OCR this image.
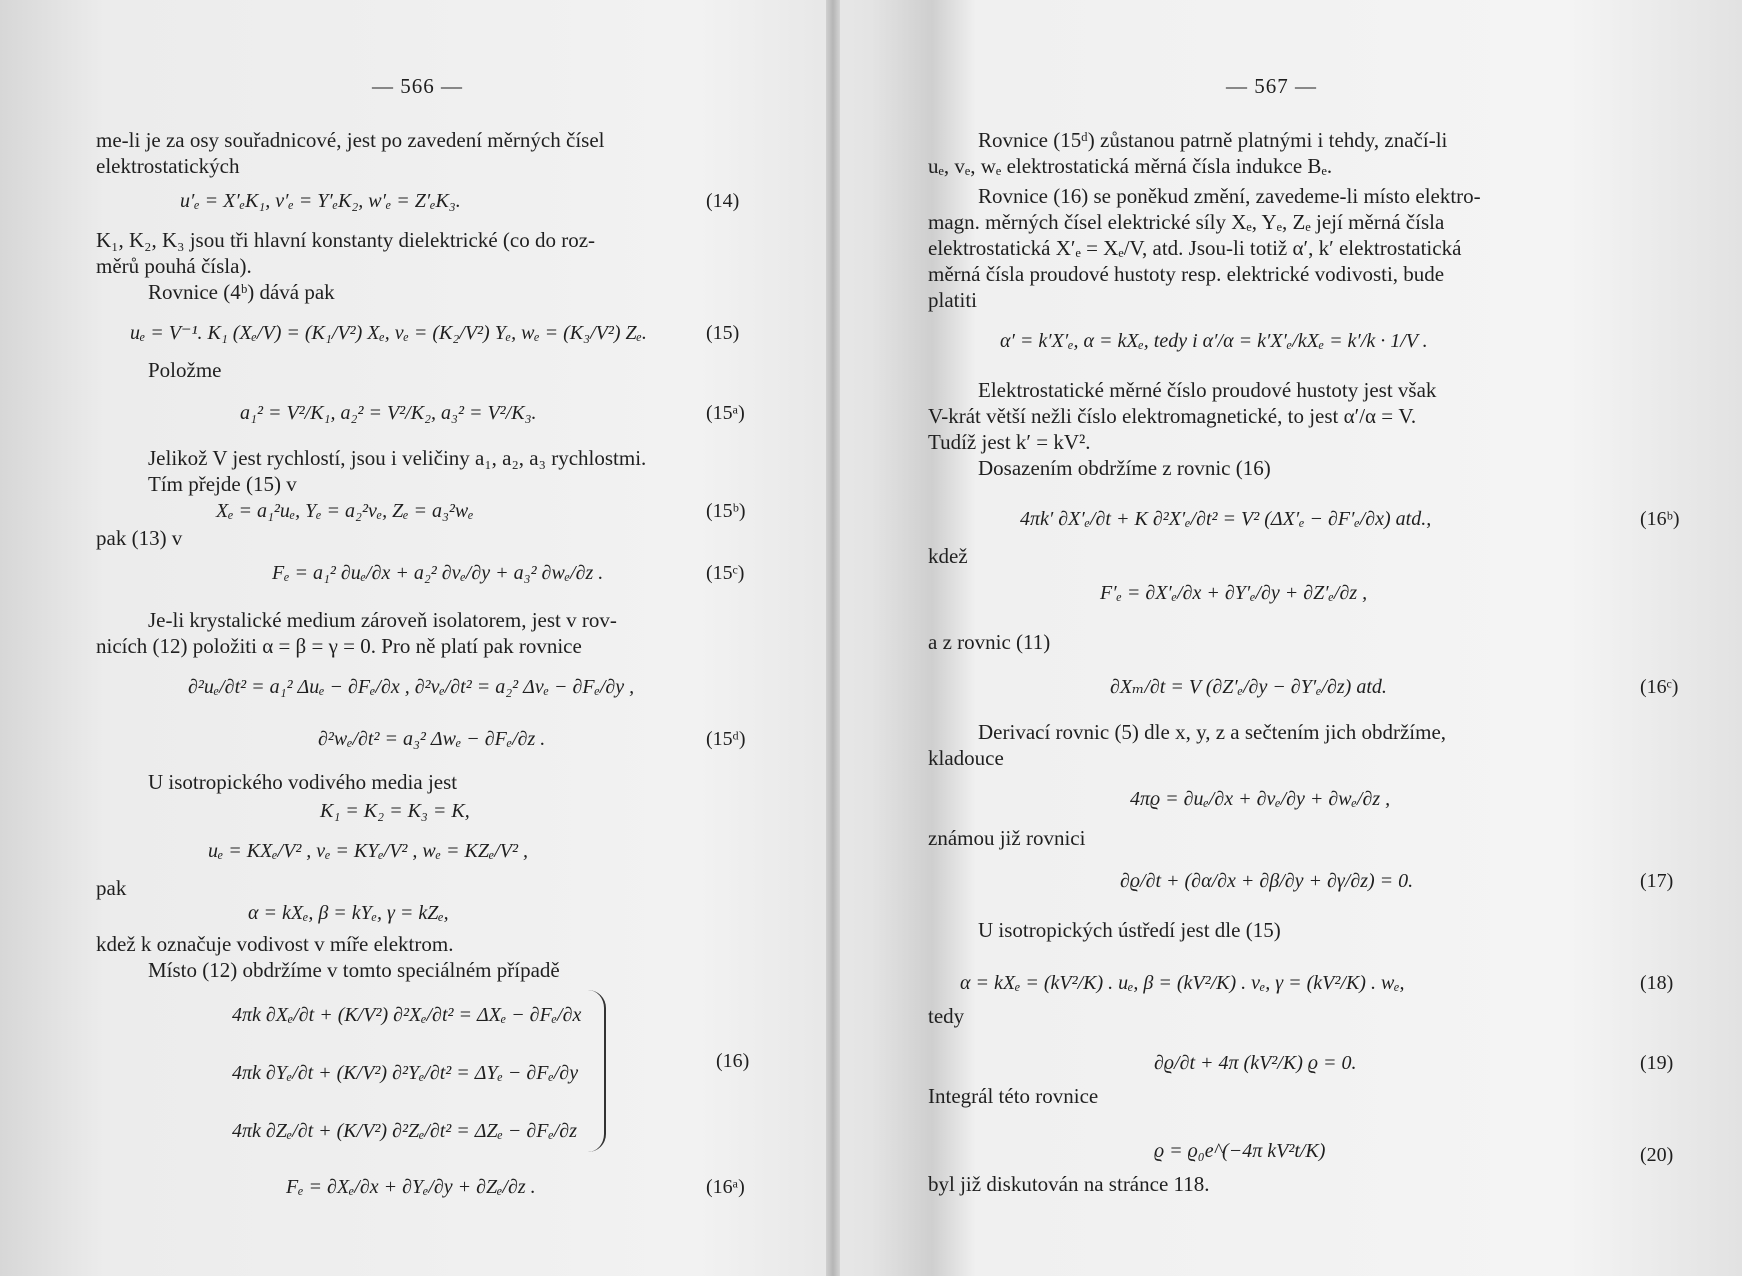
— 566 —
me-li je za osy souřadnicové, jest po zavedení měrných čísel
elektrostatických
u′ₑ = X′ₑK₁, v′ₑ = Y′ₑK₂, w′ₑ = Z′ₑK₃.	(14)
K₁, K₂, K₃ jsou tři hlavní konstanty dielektrické (co do roz-
měrů pouhá čísla).
Rovnice (4ᵇ) dává pak
uₑ = V⁻¹. K₁ (Xₑ/V) = (K₁/V²) Xₑ, vₑ = (K₂/V²) Yₑ, wₑ = (K₃/V²) Zₑ.	(15)
Položme
a₁² = V²/K₁, a₂² = V²/K₂, a₃² = V²/K₃.	(15ᵃ)
Jelikož V jest rychlostí, jsou i veličiny a₁, a₂, a₃ rychlostmi.
Tím přejde (15) v
Xₑ = a₁²uₑ, Yₑ = a₂²vₑ, Zₑ = a₃²wₑ	(15ᵇ)
pak (13) v
Fₑ = a₁² ∂uₑ/∂x + a₂² ∂vₑ/∂y + a₃² ∂wₑ/∂z .	(15ᶜ)
Je-li krystalické medium zároveň isolatorem, jest v rov-
nicích (12) položiti α = β = γ = 0. Pro ně platí pak rovnice
∂²uₑ/∂t² = a₁² Δuₑ − ∂Fₑ/∂x , ∂²vₑ/∂t² = a₂² Δvₑ − ∂Fₑ/∂y ,
∂²wₑ/∂t² = a₃² Δwₑ − ∂Fₑ/∂z .	(15ᵈ)
U isotropického vodivého media jest
K₁ = K₂ = K₃ = K,
uₑ = KXₑ/V² , vₑ = KYₑ/V² , wₑ = KZₑ/V² ,
pak
α = kXₑ, β = kYₑ, γ = kZₑ,
kdež k označuje vodivost v míře elektrom.
Místo (12) obdržíme v tomto speciálném případě
4πk ∂Xₑ/∂t + (K/V²) ∂²Xₑ/∂t² = ΔXₑ − ∂Fₑ/∂x
4πk ∂Yₑ/∂t + (K/V²) ∂²Yₑ/∂t² = ΔYₑ − ∂Fₑ/∂y
4πk ∂Zₑ/∂t + (K/V²) ∂²Zₑ/∂t² = ΔZₑ − ∂Fₑ/∂z
(16)
Fₑ = ∂Xₑ/∂x + ∂Yₑ/∂y + ∂Zₑ/∂z .	(16ᵃ)
— 567 —
Rovnice (15ᵈ) zůstanou patrně platnými i tehdy, značí-li
uₑ, vₑ, wₑ elektrostatická měrná čísla indukce Bₑ.
Rovnice (16) se poněkud změní, zavedeme-li místo elektro-
magn. měrných čísel elektrické síly Xₑ, Yₑ, Zₑ její měrná čísla
elektrostatická X′ₑ = Xₑ/V, atd. Jsou-li totiž α′, k′ elektrostatická
měrná čísla proudové hustoty resp. elektrické vodivosti, bude
platiti
α′ = k′X′ₑ, α = kXₑ, tedy i α′/α = k′X′ₑ/kXₑ = k′/k · 1/V .
Elektrostatické měrné číslo proudové hustoty jest však
V-krát větší nežli číslo elektromagnetické, to jest α′/α = V.
Tudíž jest k′ = kV².
Dosazením obdržíme z rovnic (16)
4πk′ ∂X′ₑ/∂t + K ∂²X′ₑ/∂t² = V² (ΔX′ₑ − ∂F′ₑ/∂x) atd.,	(16ᵇ)
kdež
F′ₑ = ∂X′ₑ/∂x + ∂Y′ₑ/∂y + ∂Z′ₑ/∂z ,
a z rovnic (11)
∂Xₘ/∂t = V (∂Z′ₑ/∂y − ∂Y′ₑ/∂z) atd.	(16ᶜ)
Derivací rovnic (5) dle x, y, z a sečtením jich obdržíme,
kladouce
4πϱ = ∂uₑ/∂x + ∂vₑ/∂y + ∂wₑ/∂z ,
známou již rovnici
∂ϱ/∂t + (∂α/∂x + ∂β/∂y + ∂γ/∂z) = 0.	(17)
U isotropických ústředí jest dle (15)
α = kXₑ = (kV²/K) . uₑ, β = (kV²/K) . vₑ, γ = (kV²/K) . wₑ,	(18)
tedy
∂ϱ/∂t + 4π (kV²/K) ϱ = 0.	(19)
Integrál této rovnice
ϱ = ϱ₀e^(−4π kV²t/K)	(20)
byl již diskutován na stránce 118.
